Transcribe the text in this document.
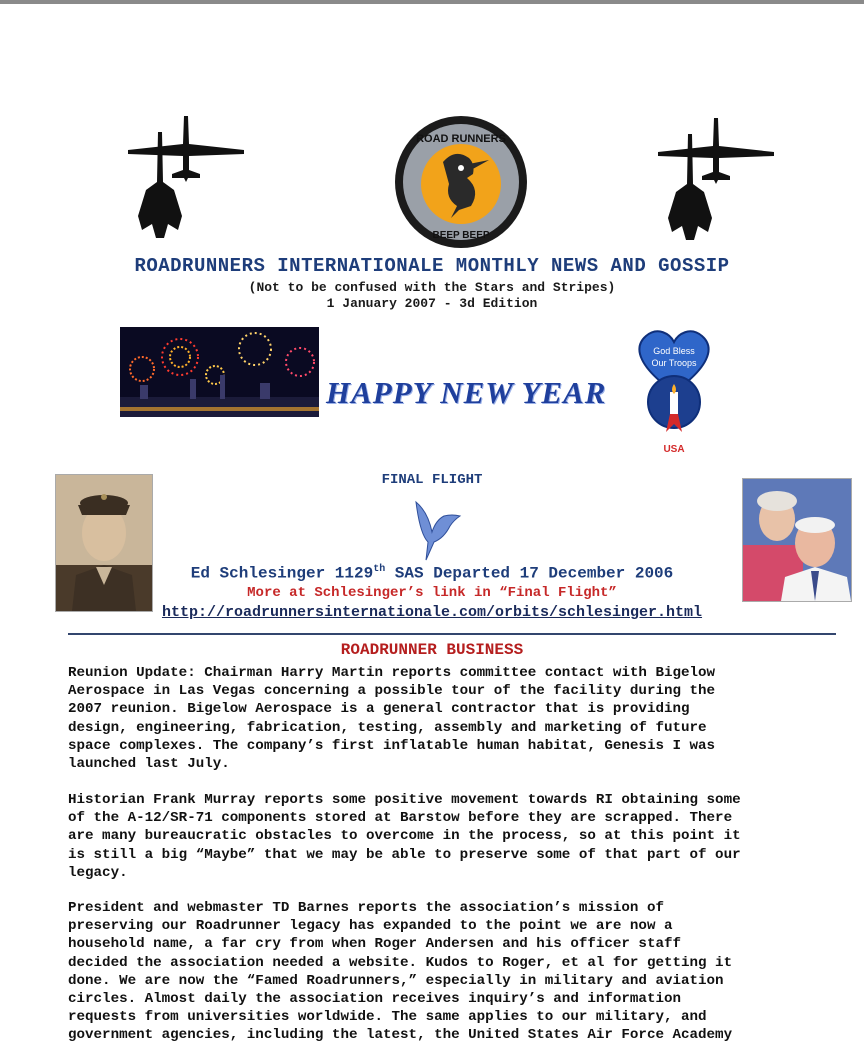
ROAD RUNNERS
BEEP BEEP
ROADRUNNERS INTERNATIONALE MONTHLY NEWS AND GOSSIP
(Not to be confused with the Stars and Stripes)
1 January 2007 - 3d Edition
HAPPY NEW YEAR
God Bless
Our Troops
USA
FINAL FLIGHT
Ed Schlesinger 1129th SAS Departed 17 December 2006
More at Schlesinger’s link in “Final Flight”
http://roadrunnersinternationale.com/orbits/schlesinger.html
ROADRUNNER BUSINESS

Reunion Update: Chairman Harry Martin reports committee contact with Bigelow
Aerospace in Las Vegas concerning a possible tour of the facility during the
2007 reunion. Bigelow Aerospace is a general contractor that is providing
design, engineering, fabrication, testing, assembly and marketing of future
space complexes. The company’s first inflatable human habitat, Genesis I was
launched last July.

Historian Frank Murray reports some positive movement towards RI obtaining some
of the A-12/SR-71 components stored at Barstow before they are scrapped. There
are many bureaucratic obstacles to overcome in the process, so at this point it
is still a big “Maybe” that we may be able to preserve some of that part of our
legacy.

President and webmaster TD Barnes reports the association’s mission of
preserving our Roadrunner legacy has expanded to the point we are now a
household name, a far cry from when Roger Andersen and his officer staff
decided the association needed a website. Kudos to Roger, et al for getting it
done. We are now the “Famed Roadrunners,” especially in military and aviation
circles. Almost daily the association receives inquiry’s and information
requests from universities worldwide. The same applies to our military, and
government agencies, including the latest, the United States Air Force Academy
